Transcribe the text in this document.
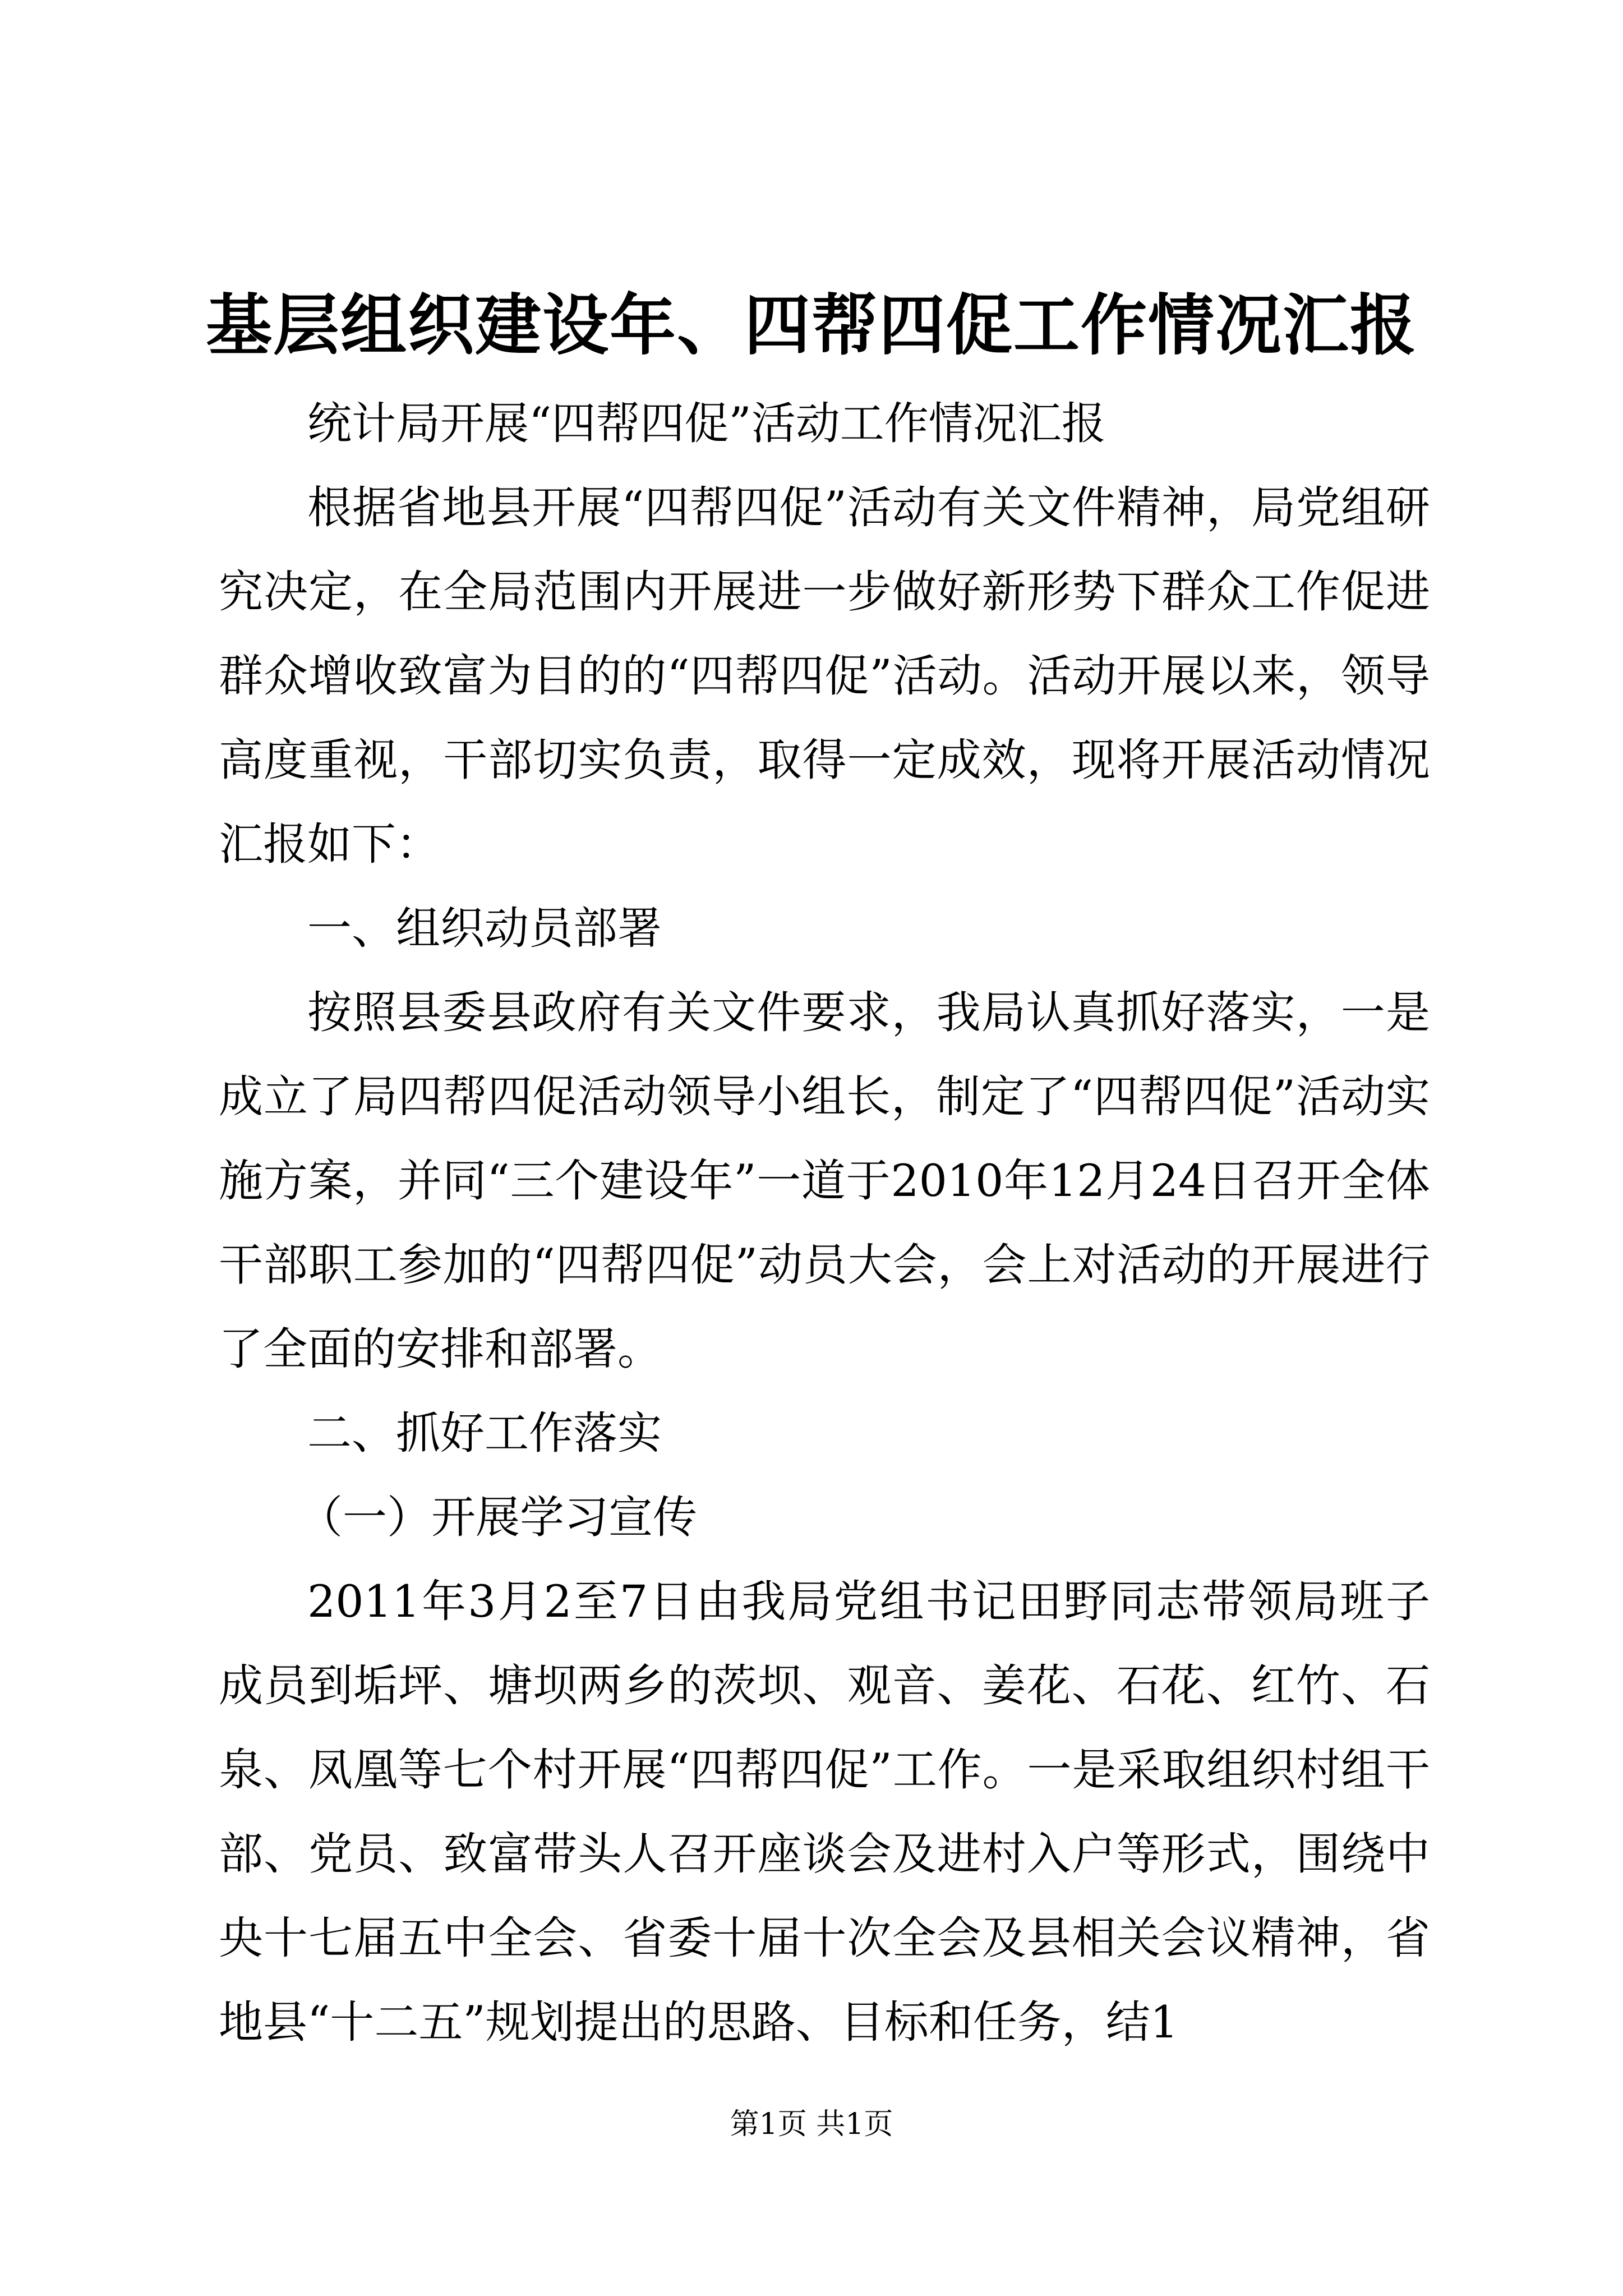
基层组织建设年、四帮四促工作情况汇报

统计局开展“四帮四促”活动工作情况汇报

根据省地县开展“四帮四促”活动有关文件精神，局党组研究决定，在全局范围内开展进一步做好新形势下群众工作促进群众增收致富为目的的“四帮四促”活动。活动开展以来，领导高度重视，干部切实负责，取得一定成效，现将开展活动情况汇报如下：

一、组织动员部署

按照县委县政府有关文件要求，我局认真抓好落实，一是成立了局四帮四促活动领导小组长，制定了“四帮四促”活动实施方案，并同“三个建设年”一道于2010年12月24日召开全体干部职工参加的“四帮四促”动员大会，会上对活动的开展进行了全面的安排和部署。

二、抓好工作落实

（一）开展学习宣传

2011年3月2至7日由我局党组书记田野同志带领局班子成员到垢坪、塘坝两乡的茨坝、观音、姜花、石花、红竹、石泉、凤凰等七个村开展“四帮四促”工作。一是采取组织村组干部、党员、致富带头人召开座谈会及进村入户等形式，围绕中央十七届五中全会、省委十届十次全会及县相关会议精神，省地县“十二五”规划提出的思路、目标和任务，结1

第1页 共1页
